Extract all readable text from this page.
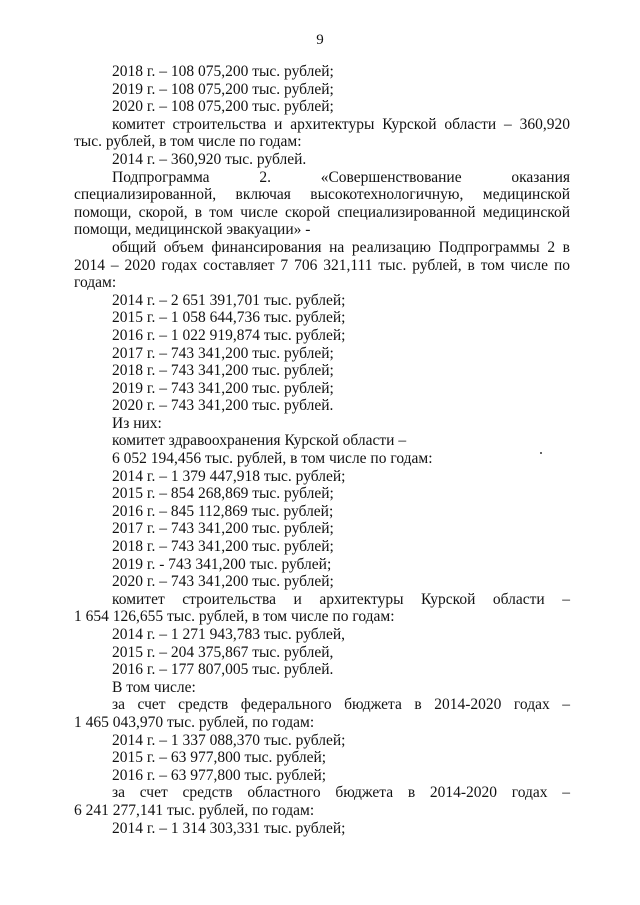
9
2018 г. – 108 075,200 тыс. рублей;
2019 г. – 108 075,200 тыс. рублей;
2020 г. – 108 075,200 тыс. рублей;
комитет строительства и архитектуры Курской области – 360,920
тыс. рублей, в том числе по годам:
2014 г. – 360,920 тыс. рублей.
Подпрограмма 2. «Совершенствование оказания
специализированной, включая высокотехнологичную, медицинской
помощи, скорой, в том числе скорой специализированной медицинской
помощи, медицинской эвакуации» -
общий объем финансирования на реализацию Подпрограммы 2 в
2014 – 2020 годах составляет 7 706 321,111 тыс. рублей, в том числе по
годам:
2014 г. – 2 651 391,701 тыс. рублей;
2015 г. – 1 058 644,736 тыс. рублей;
2016 г. – 1 022 919,874 тыс. рублей;
2017 г. – 743 341,200 тыс. рублей;
2018 г. – 743 341,200 тыс. рублей;
2019 г. – 743 341,200 тыс. рублей;
2020 г. – 743 341,200 тыс. рублей.
Из них:
комитет здравоохранения Курской области –
6 052 194,456 тыс. рублей, в том числе по годам:
2014 г. – 1 379 447,918 тыс. рублей;
2015 г. – 854 268,869 тыс. рублей;
2016 г. – 845 112,869 тыс. рублей;
2017 г. – 743 341,200 тыс. рублей;
2018 г. – 743 341,200 тыс. рублей;
2019 г. - 743 341,200 тыс. рублей;
2020 г. – 743 341,200 тыс. рублей;
комитет строительства и архитектуры Курской области –
1 654 126,655 тыс. рублей, в том числе по годам:
2014 г. – 1 271 943,783 тыс. рублей,
2015 г. – 204 375,867 тыс. рублей,
2016 г. – 177 807,005 тыс. рублей.
В том числе:
за счет средств федерального бюджета в 2014-2020 годах –
1 465 043,970 тыс. рублей, по годам:
2014 г. – 1 337 088,370 тыс. рублей;
2015 г. – 63 977,800 тыс. рублей;
2016 г. – 63 977,800 тыс. рублей;
за счет средств областного бюджета в 2014-2020 годах –
6 241 277,141 тыс. рублей, по годам:
2014 г. – 1 314 303,331 тыс. рублей;
